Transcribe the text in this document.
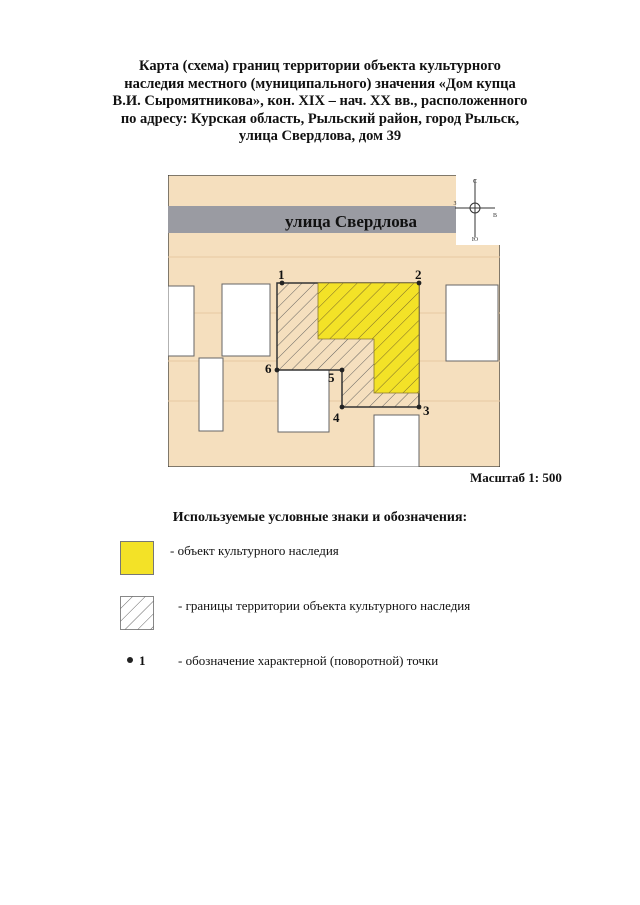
Карта (схема) границ территории объекта культурного
наследия местного (муниципального) значения «Дом купца
В.И. Сыромятникова», кон. XIX – нач. XX вв., расположенного
по адресу: Курская область, Рыльский район, город Рыльск,
улица Свердлова, дом 39
улица Свердлова
С
Ю
В
З
1	2
3
4
5
6
Масштаб 1: 500
Используемые условные знаки и обозначения:
- объект культурного наследия
- границы территории объекта культурного наследия
1	- обозначение характерной (поворотной) точки
